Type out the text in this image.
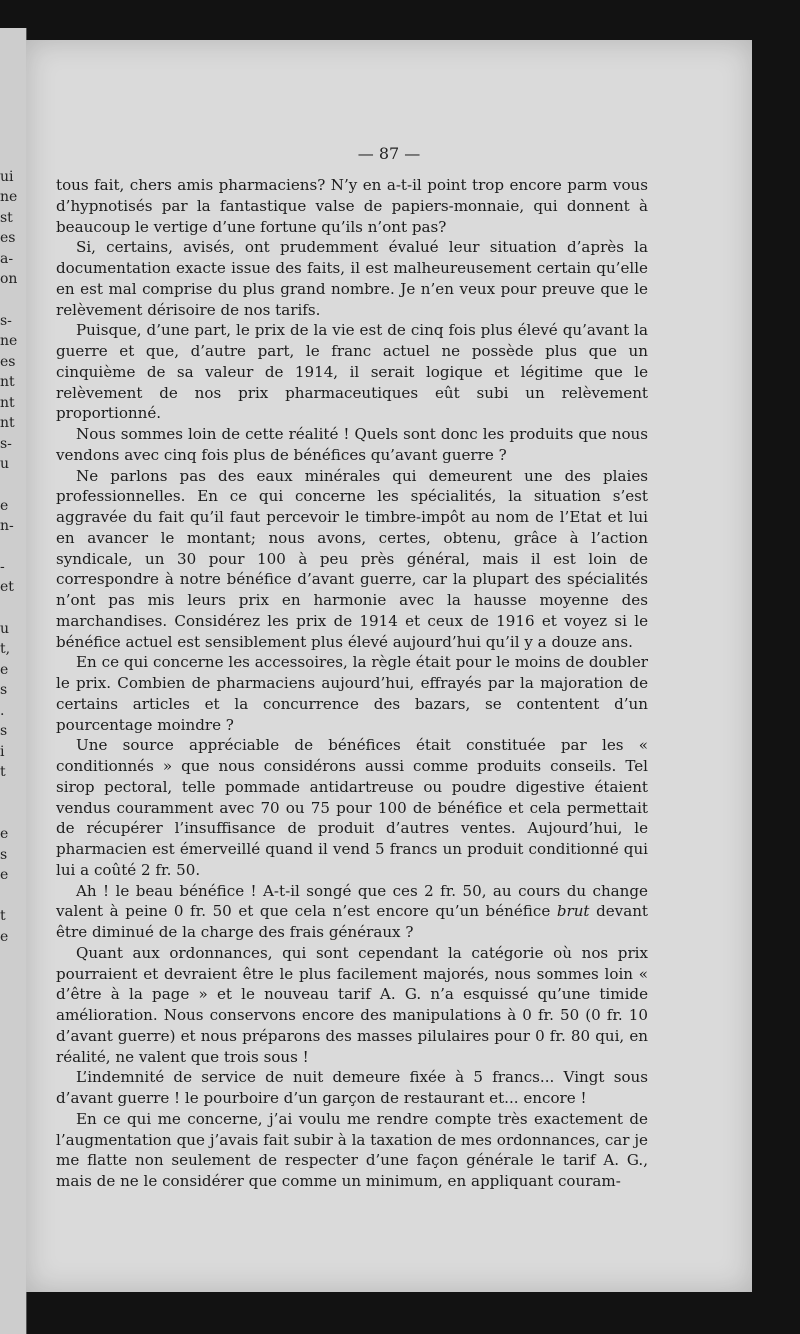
ui
ne
st
es
a-
on
s-
ne
es
nt
nt
nt
s-
u
e
n-
-
et
u
t,
e
s
.
s
i
t
e
s
e
t
e
— 87 —

tous fait, chers amis pharmaciens? N’y en a-t-il point trop encore parm vous d’hypnotisés par la fantastique valse de papiers-monnaie, qui donnent à beaucoup le vertige d’une fortune qu’ils n’ont pas?

Si, certains, avisés, ont prudemment évalué leur situation d’après la documentation exacte issue des faits, il est malheureusement certain qu’elle en est mal comprise du plus grand nombre. Je n’en veux pour preuve que le relèvement dérisoire de nos tarifs.

Puisque, d’une part, le prix de la vie est de cinq fois plus élevé qu’avant la guerre et que, d’autre part, le franc actuel ne possède plus que un cinquième de sa valeur de 1914, il serait logique et légitime que le relèvement de nos prix pharmaceutiques eût subi un relèvement proportionné.

Nous sommes loin de cette réalité ! Quels sont donc les produits que nous vendons avec cinq fois plus de bénéfices qu’avant guerre ?

Ne parlons pas des eaux minérales qui demeurent une des plaies professionnelles. En ce qui concerne les spécialités, la situation s’est aggravée du fait qu’il faut percevoir le timbre-impôt au nom de l’Etat et lui en avancer le montant; nous avons, certes, obtenu, grâce à l’action syndicale, un 30 pour 100 à peu près général, mais il est loin de correspondre à notre bénéfice d’avant guerre, car la plupart des spécialités n’ont pas mis leurs prix en harmonie avec la hausse moyenne des marchandises. Considérez les prix de 1914 et ceux de 1916 et voyez si le bénéfice actuel est sensiblement plus élevé aujourd’hui qu’il y a douze ans.

En ce qui concerne les accessoires, la règle était pour le moins de doubler le prix. Combien de pharmaciens aujourd’hui, effrayés par la majoration de certains articles et la concurrence des bazars, se contentent d’un pourcentage moindre ?

Une source appréciable de bénéfices était constituée par les « conditionnés » que nous considérons aussi comme produits conseils. Tel sirop pectoral, telle pommade antidartreuse ou poudre digestive étaient vendus couramment avec 70 ou 75 pour 100 de bénéfice et cela permettait de récupérer l’insuffisance de produit d’autres ventes. Aujourd’hui, le pharmacien est émerveillé quand il vend 5 francs un produit conditionné qui lui a coûté 2 fr. 50.

Ah ! le beau bénéfice ! A-t-il songé que ces 2 fr. 50, au cours du change valent à peine 0 fr. 50 et que cela n’est encore qu’un bénéfice brut devant être diminué de la charge des frais généraux ?

Quant aux ordonnances, qui sont cependant la catégorie où nos prix pourraient et devraient être le plus facilement majorés, nous sommes loin « d’être à la page » et le nouveau tarif A. G. n’a esquissé qu’une timide amélioration. Nous conservons encore des manipulations à 0 fr. 50 (0 fr. 10 d’avant guerre) et nous préparons des masses pilulaires pour 0 fr. 80 qui, en réalité, ne valent que trois sous !

L’indemnité de service de nuit demeure fixée à 5 francs... Vingt sous d’avant guerre ! le pourboire d’un garçon de restaurant et... encore !

En ce qui me concerne, j’ai voulu me rendre compte très exactement de l’augmentation que j’avais fait subir à la taxation de mes ordonnances, car je me flatte non seulement de respecter d’une façon générale le tarif A. G., mais de ne le considérer que comme un minimum, en appliquant couram-
